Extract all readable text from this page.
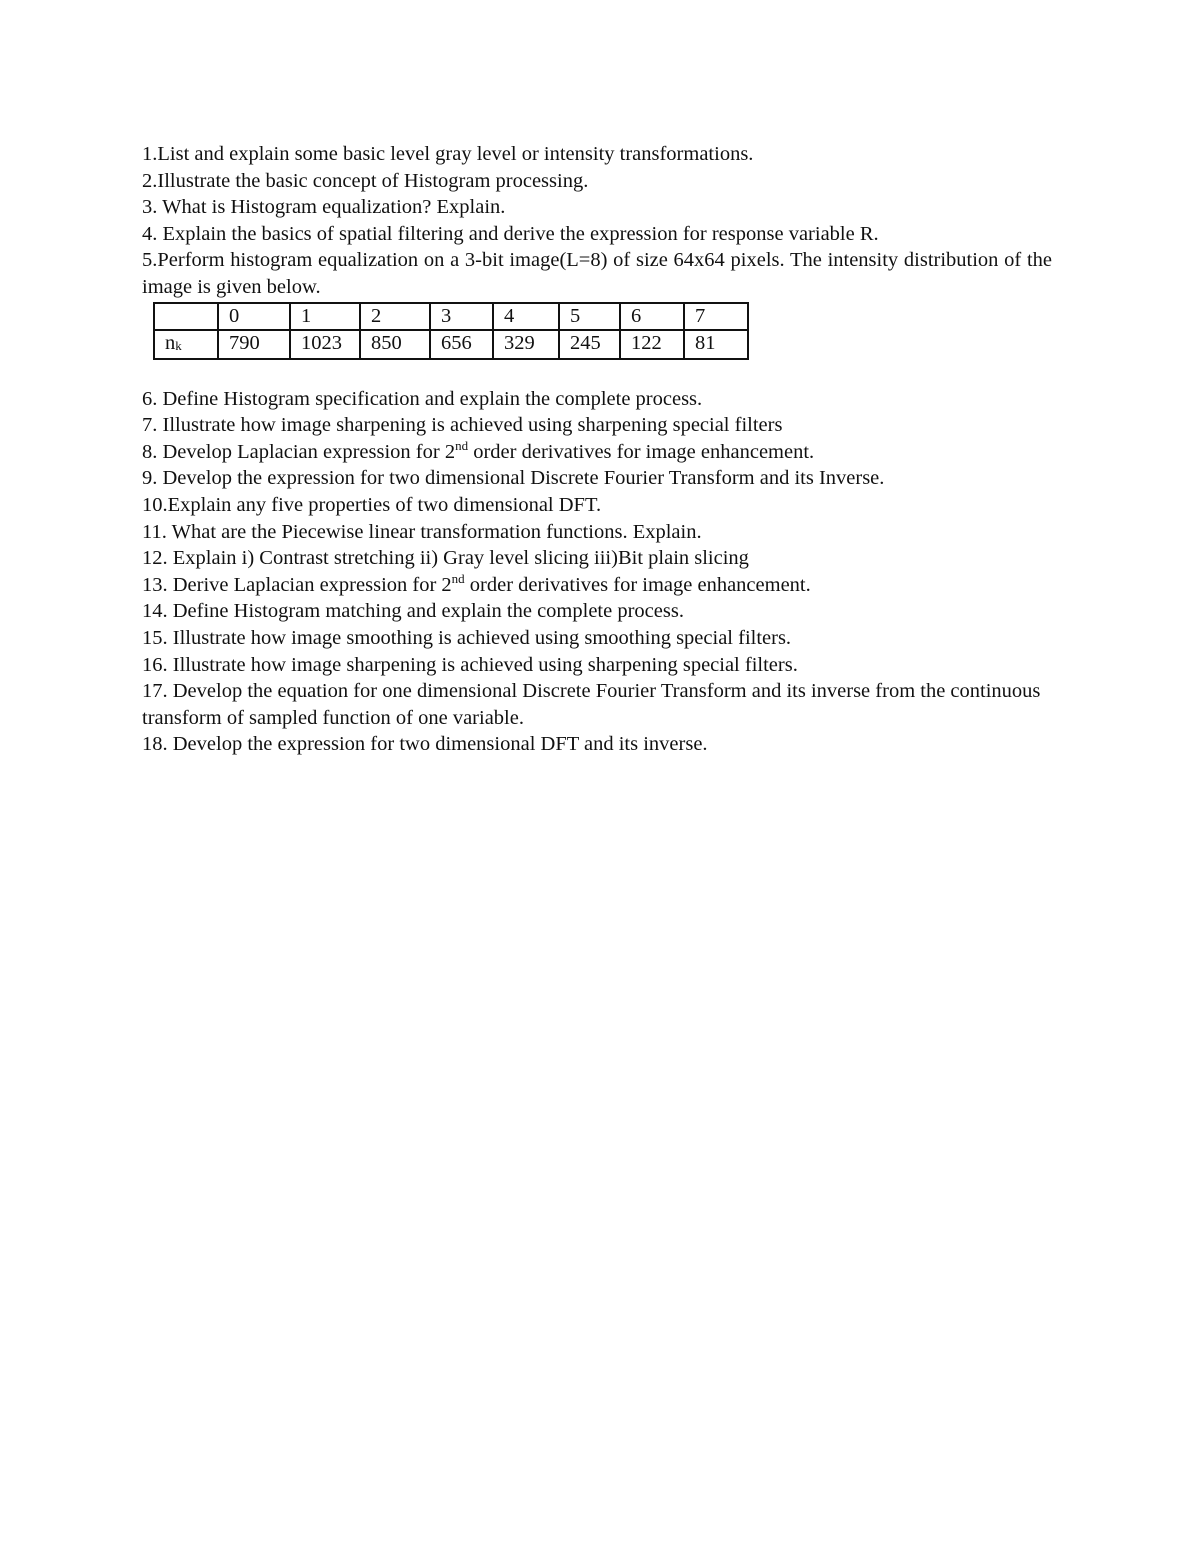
1.List and explain some basic level gray level or intensity transformations.
2.Illustrate the basic concept of Histogram processing.
3. What is Histogram equalization? Explain.
4. Explain the basics of spatial filtering and derive the expression for response variable R.
5.Perform histogram equalization on a 3-bit image(L=8) of size 64x64 pixels. The intensity distribution of the image is given below.
	0	1	2	3	4	5	6	7
nk	790	1023	850	656	329	245	122	81
6. Define Histogram specification and explain the complete process.
7. Illustrate how image sharpening is achieved using sharpening special filters
8. Develop Laplacian expression for 2nd order derivatives for image enhancement.
9. Develop the expression for two dimensional Discrete Fourier Transform and its Inverse.
10.Explain any five properties of two dimensional DFT.
11. What are the Piecewise linear transformation functions. Explain.
12. Explain i) Contrast stretching ii) Gray level slicing iii)Bit plain slicing
13. Derive Laplacian expression for 2nd order derivatives for image enhancement.
14. Define Histogram matching and explain the complete process.
15. Illustrate how image smoothing is achieved using smoothing special filters.
16. Illustrate how image sharpening is achieved using sharpening special filters.
17. Develop the equation for one dimensional Discrete Fourier Transform and its inverse from the continuous transform of sampled function of one variable.
18. Develop the expression for two dimensional DFT and its inverse.
